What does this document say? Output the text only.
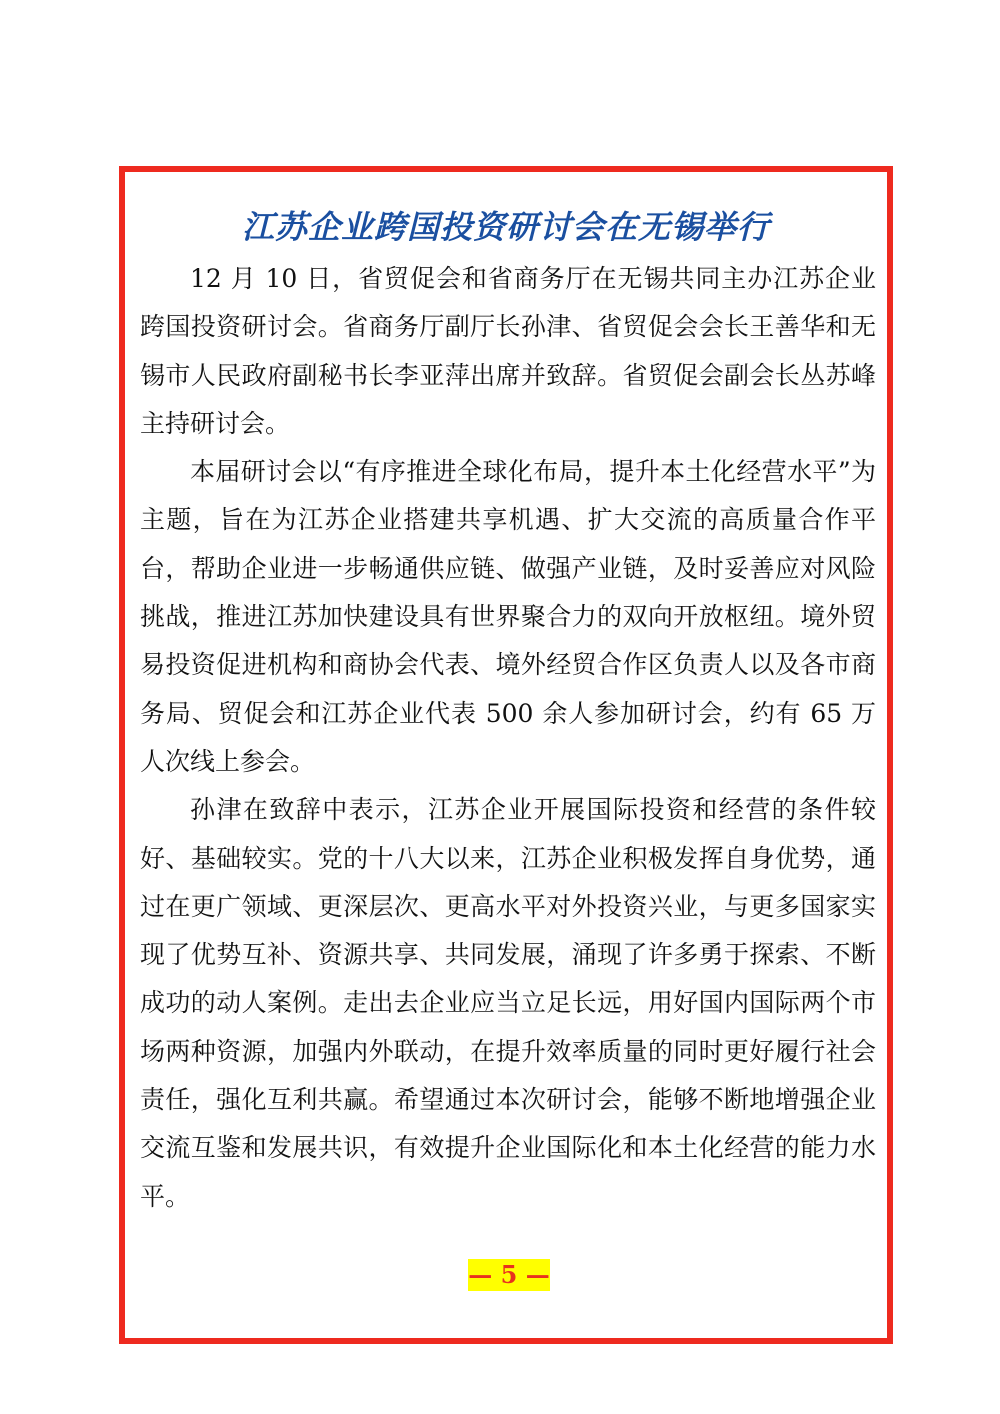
江苏企业跨国投资研讨会在无锡举行

12 月 10 日，省贸促会和省商务厅在无锡共同主办江苏企业跨国投资研讨会。省商务厅副厅长孙津、省贸促会会长王善华和无锡市人民政府副秘书长李亚萍出席并致辞。省贸促会副会长丛苏峰主持研讨会。

本届研讨会以“有序推进全球化布局，提升本土化经营水平”为主题，旨在为江苏企业搭建共享机遇、扩大交流的高质量合作平台，帮助企业进一步畅通供应链、做强产业链，及时妥善应对风险挑战，推进江苏加快建设具有世界聚合力的双向开放枢纽。境外贸易投资促进机构和商协会代表、境外经贸合作区负责人以及各市商务局、贸促会和江苏企业代表 500 余人参加研讨会，约有 65 万人次线上参会。

孙津在致辞中表示，江苏企业开展国际投资和经营的条件较好、基础较实。党的十八大以来，江苏企业积极发挥自身优势，通过在更广领域、更深层次、更高水平对外投资兴业，与更多国家实现了优势互补、资源共享、共同发展，涌现了许多勇于探索、不断成功的动人案例。走出去企业应当立足长远，用好国内国际两个市场两种资源，加强内外联动，在提升效率质量的同时更好履行社会责任，强化互利共赢。希望通过本次研讨会，能够不断地增强企业交流互鉴和发展共识，有效提升企业国际化和本土化经营的能力水平。

— 5 —
